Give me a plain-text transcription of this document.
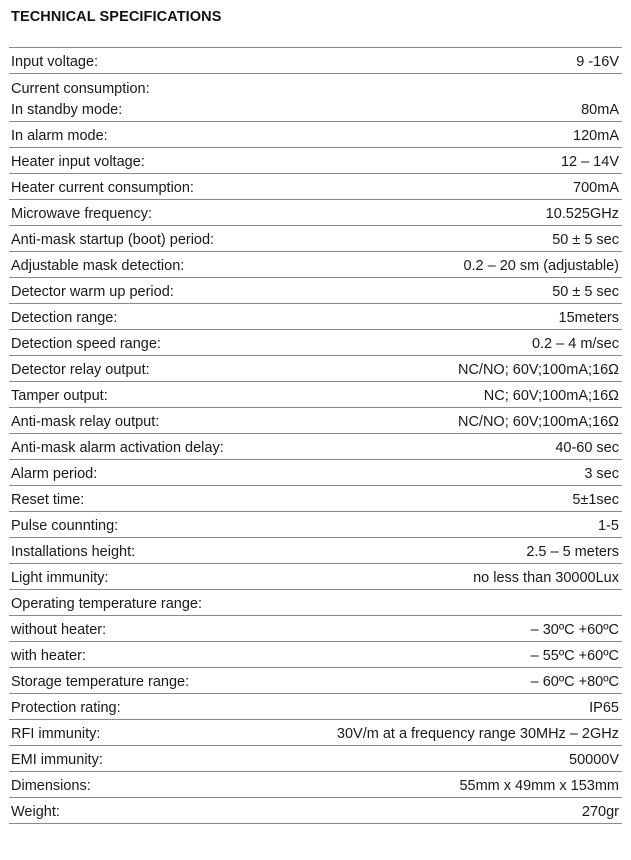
TECHNICAL SPECIFICATIONS
Input voltage:	9 -16V
Current consumption:
In standby mode:	80mA
In alarm mode:	120mA
Heater input voltage:	12 – 14V
Heater current consumption:	700mA
Microwave frequency:	10.525GHz
Anti-mask startup (boot) period:	50 ± 5 sec
Adjustable mask detection:	0.2 – 20 sm (adjustable)
Detector warm up period:	50 ± 5 sec
Detection range:	15meters
Detection speed range:	0.2 – 4 m/sec
Detector relay output:	NC/NO; 60V;100mA;16Ω
Tamper output:	NC; 60V;100mA;16Ω
Anti-mask relay output:	NC/NO; 60V;100mA;16Ω
Anti-mask alarm activation delay:	40-60 sec
Alarm period:	3 sec
Reset time:	5±1sec
Pulse counnting:	1-5
Installations height:	2.5 – 5 meters
Light immunity:	no less than 30000Lux
Operating temperature range:
without heater:	– 30ºC +60ºC
with heater:	– 55ºC +60ºC
Storage temperature range:	– 60ºC +80ºC
Protection rating:	IP65
RFI immunity:	30V/m at a frequency range 30MHz – 2GHz
EMI immunity:	50000V
Dimensions:	55mm x 49mm x 153mm
Weight:	270gr
